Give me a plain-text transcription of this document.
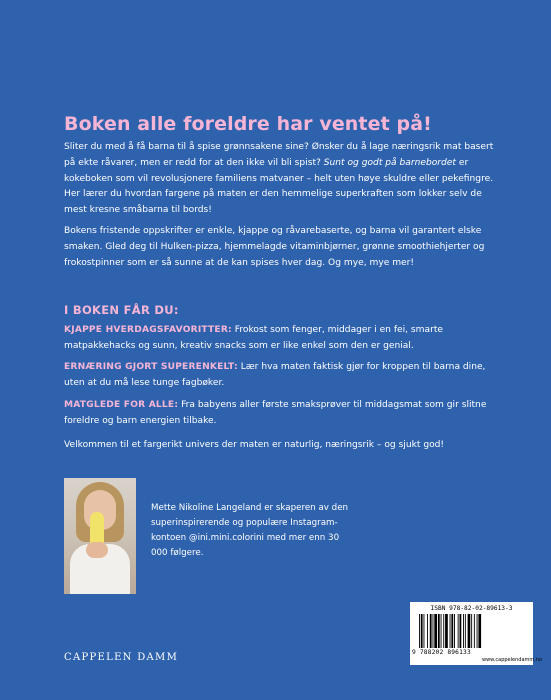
Boken alle foreldre har ventet på!

Sliter du med å få barna til å spise grønnsakene sine? Ønsker du å lage næringsrik mat basert på ekte råvarer, men er redd for at den ikke vil bli spist? Sunt og godt på barnebordet er kokeboken som vil revolusjonere familiens matvaner – helt uten høye skuldre eller pekefingre. Her lærer du hvordan fargene på maten er den hemmelige superkraften som lokker selv de mest kresne småbarna til bords!

Bokens fristende oppskrifter er enkle, kjappe og råvarebaserte, og barna vil garantert elske smaken. Gled deg til Hulken-pizza, hjemmelagde vitaminbjørner, grønne smoothiehjerter og frokostpinner som er så sunne at de kan spises hver dag. Og mye, mye mer!

I BOKEN FÅR DU:

KJAPPE HVERDAGSFAVORITTER: Frokost som fenger, middager i en fei, smarte matpakkehacks og sunn, kreativ snacks som er like enkel som den er genial.

ERNÆRING GJORT SUPERENKELT: Lær hva maten faktisk gjør for kroppen til barna dine, uten at du må lese tunge fagbøker.

MATGLEDE FOR ALLE: Fra babyens aller første smaksprøver til middagsmat som gir slitne foreldre og barn energien tilbake.

Velkommen til et fargerikt univers der maten er naturlig, næringsrik – og sjukt god!

Mette Nikoline Langeland er skaperen av den superinspirerende og populære Instagram-kontoen @ini.mini.colorini med mer enn 30 000 følgere.

CAPPELEN DAMM
ISBN 978-82-02-89613-3
9 788202 896133
www.cappelendamm.no
